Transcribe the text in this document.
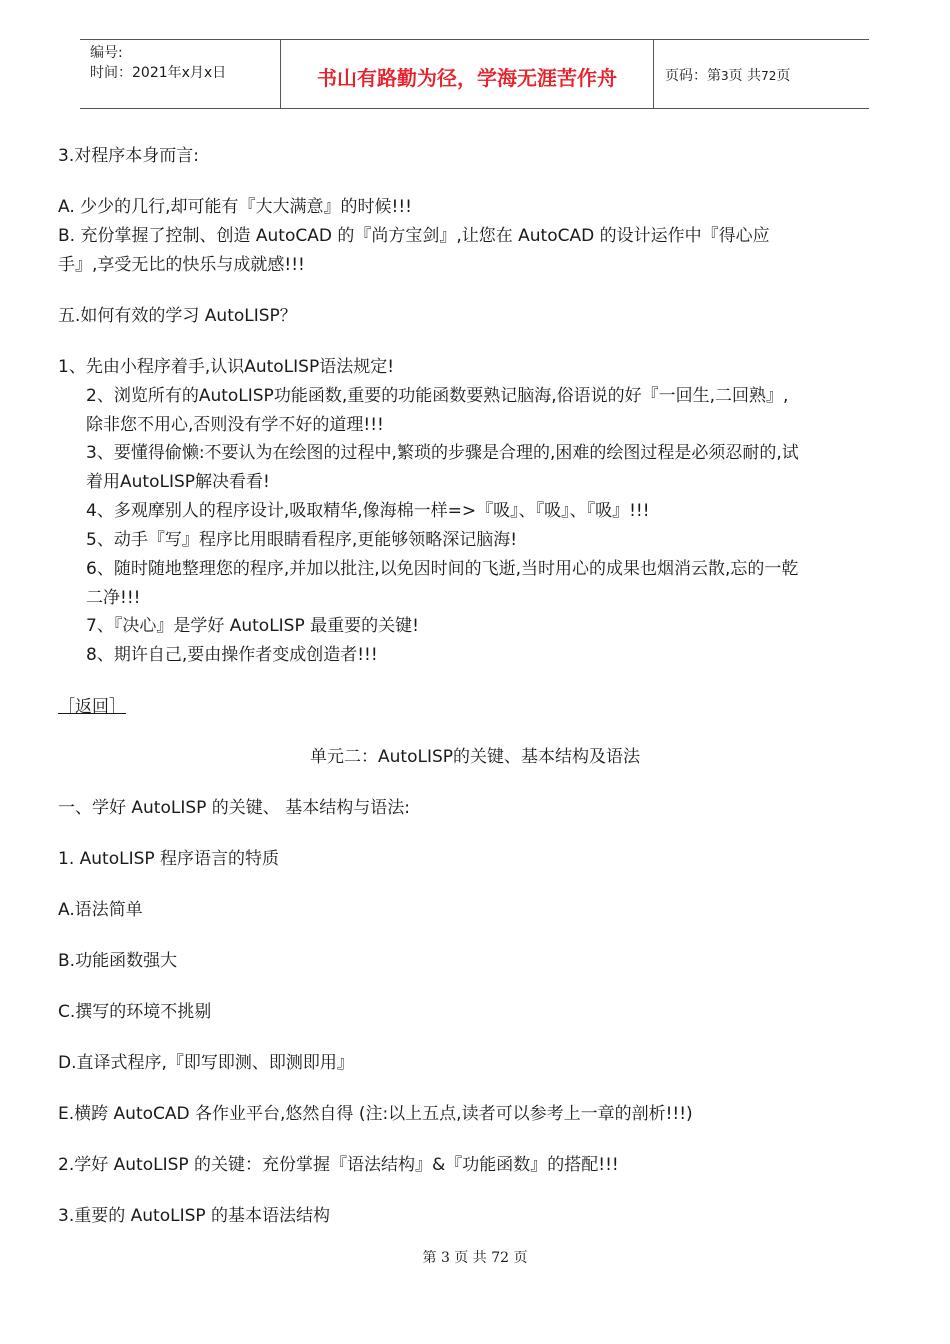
编号:
时间：2021年x月x日	书山有路勤为径，学海无涯苦作舟	页码：第3页 共72页
3.对程序本身而言:
A. 少少的几行,却可能有『大大满意』的时候!!!
B. 充份掌握了控制、创造 AutoCAD 的『尚方宝剑』,让您在 AutoCAD 的设计运作中『得心应
手』,享受无比的快乐与成就感!!!
五.如何有效的学习 AutoLISP？
1、先由小程序着手,认识AutoLISP语法规定!
2、浏览所有的AutoLISP功能函数,重要的功能函数要熟记脑海,俗语说的好『一回生,二回熟』,
除非您不用心,否则没有学不好的道理!!!
3、要懂得偷懒:不要认为在绘图的过程中,繁琐的步骤是合理的,困难的绘图过程是必须忍耐的,试
着用AutoLISP解决看看!
4、多观摩别人的程序设计,吸取精华,像海棉一样=>『吸』、『吸』、『吸』!!!
5、动手『写』程序比用眼睛看程序,更能够领略深记脑海!
6、随时随地整理您的程序,并加以批注,以免因时间的飞逝,当时用心的成果也烟消云散,忘的一乾
二净!!!
7、『决心』是学好 AutoLISP 最重要的关键!
8、期许自己,要由操作者变成创造者!!!
［返回］
单元二：AutoLISP的关键、基本结构及语法
一、学好 AutoLISP 的关键、 基本结构与语法:
1. AutoLISP 程序语言的特质
A.语法简单
B.功能函数强大
C.撰写的环境不挑剔
D.直译式程序,『即写即测、即测即用』
E.横跨 AutoCAD 各作业平台,悠然自得 (注:以上五点,读者可以参考上一章的剖析!!!)
2.学好 AutoLISP 的关键：充份掌握『语法结构』&『功能函数』的搭配!!!
3.重要的 AutoLISP 的基本语法结构
第 3 页 共 72 页
